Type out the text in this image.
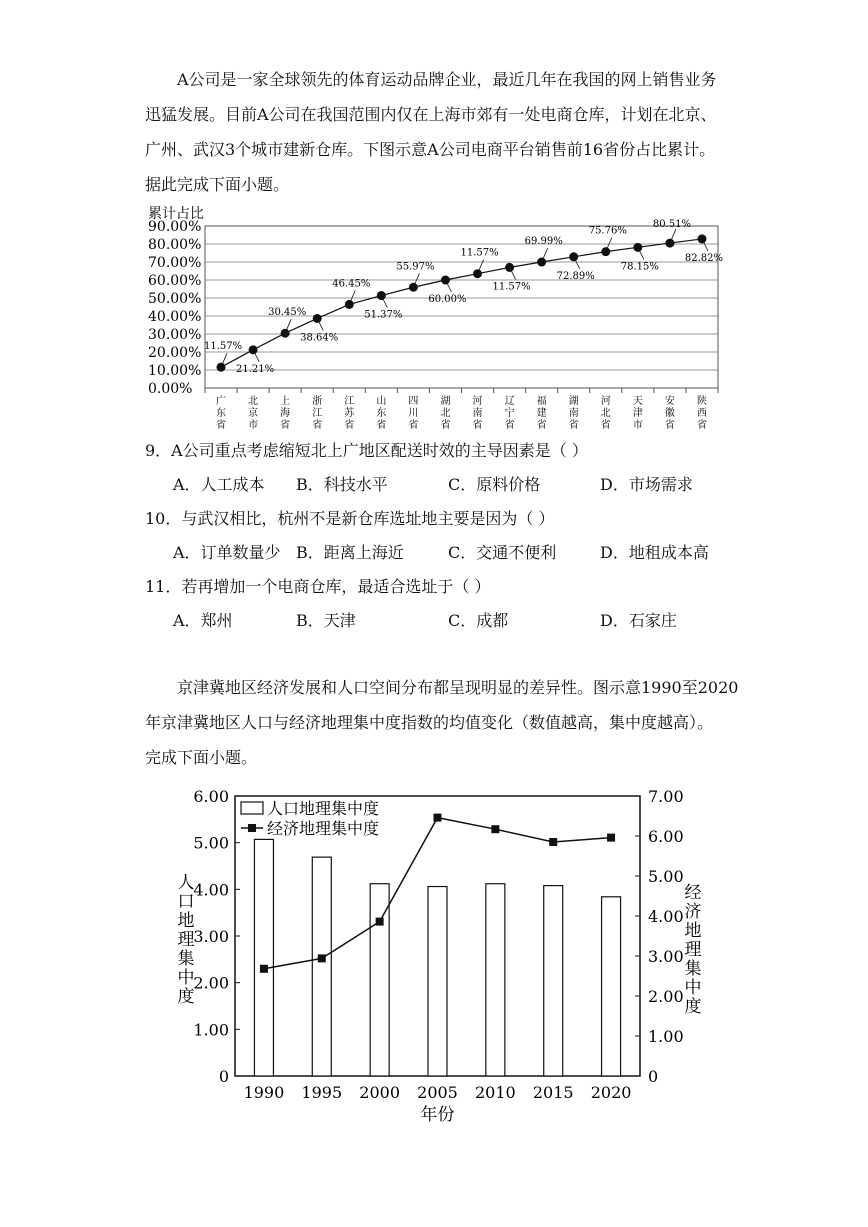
A公司是一家全球领先的体育运动品牌企业，最近几年在我国的网上销售业务
迅猛发展。目前A公司在我国范围内仅在上海市郊有一处电商仓库，计划在北京、
广州、武汉3个城市建新仓库。下图示意A公司电商平台销售前16省份占比累计。
据此完成下面小题。
累计占比
90.00%
80.00%
70.00%
60.00%
50.00%
40.00%
30.00%
20.00%
10.00%
0.00%
广东省
北京市
上海省
浙江省
江苏省
山东省
四川省
湖北省
河南省
辽宁省
福建省
湖南省
河北省
天津市
安徽省
陕西省
11.57%
21.21%
30.45%
38.64%
46.45%
51.37%
55.97%
60.00%
11.57%
11.57%
69.99%
72.89%
75.76%
78.15%
80.51%
82.82%
9．A公司重点考虑缩短北上广地区配送时效的主导因素是（ ）
A．人工成本 B．科技水平	C．原料价格	D．市场需求
10．与武汉相比，杭州不是新仓库选址地主要是因为（ ）
A．订单数量少 B．距离上海近	C．交通不便利	D．地租成本高
11．若再增加一个电商仓库，最适合选址于（ ）
A．郑州	B．天津	C．成都	D．石家庄
京津冀地区经济发展和人口空间分布都呈现明显的差异性。图示意1990至2020
年京津冀地区人口与经济地理集中度指数的均值变化（数值越高，集中度越高）。
完成下面小题。
6.00
5.00
4.00
3.00
2.00
1.00
0
7.00
6.00
5.00
4.00
3.00
2.00
1.00
0
1990 1995 2000 2005 2010 2015 2020
年份
人口地理集中度
经济地理集中度
人口地理集中度
经济地理集中度
